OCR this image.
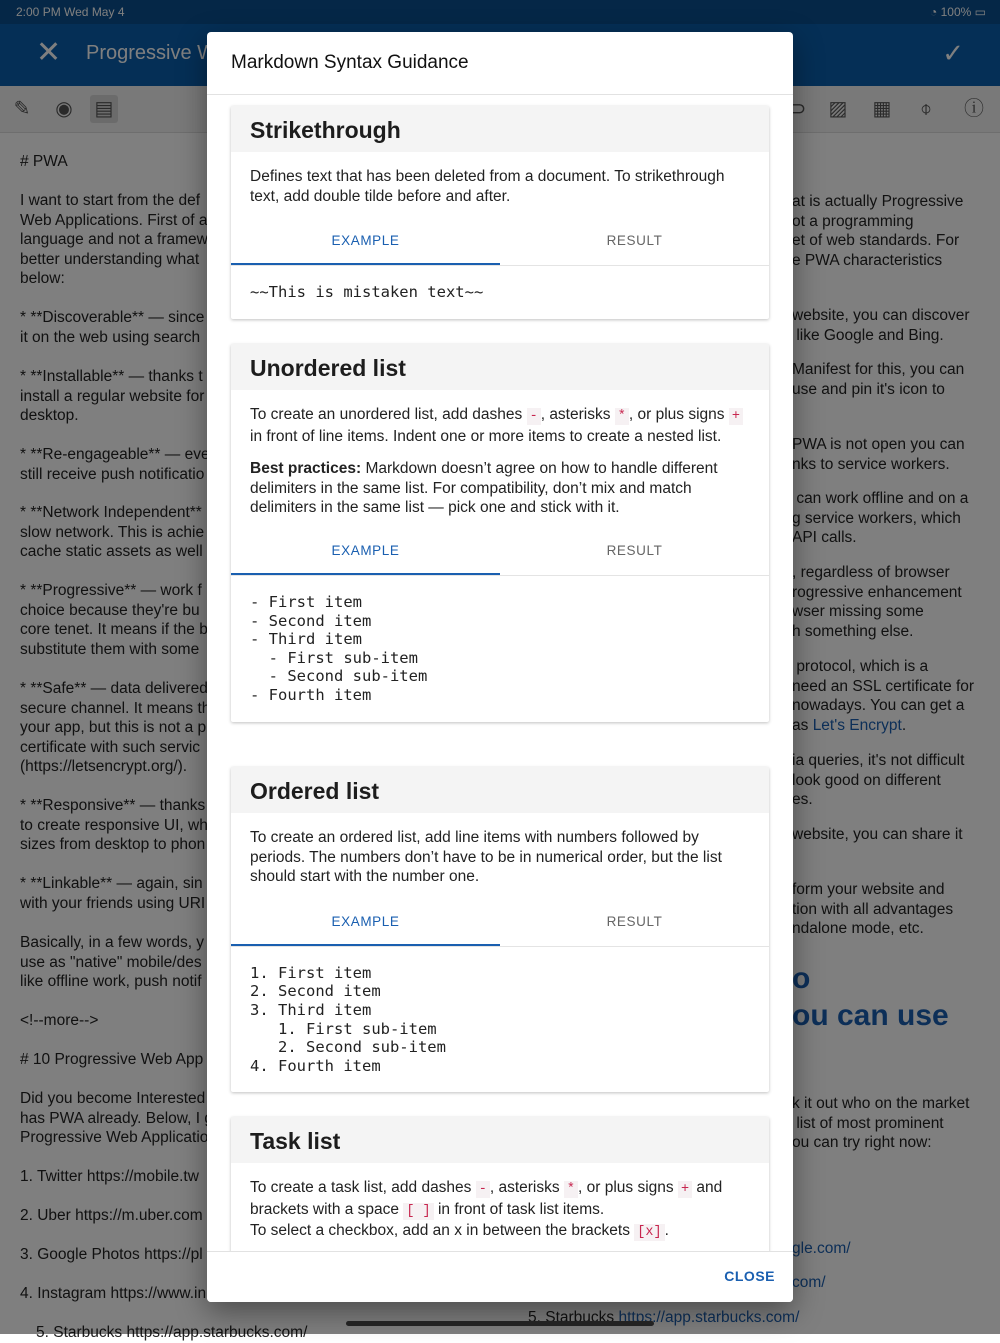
Markdown Syntax Guidance
Strikethrough

Defines text that has been deleted from a document. To strikethrough text, add double tilde before and after.

EXAMPLE	RESULT
~~This is mistaken text~~
Unordered list

To create an unordered list, add dashes - , asterisks * , or plus signs + in front of line items. Indent one or more items to create a nested list.

Best practices: Markdown doesn’t agree on how to handle different delimiters in the same list. For compatibility, don’t mix and match delimiters in the same list — pick one and stick with it.

EXAMPLE	RESULT
- First item
- Second item
- Third item
- First sub-item
- Second sub-item
- Fourth item
Ordered list

To create an ordered list, add line items with numbers followed by periods. The numbers don’t have to be in numerical order, but the list should start with the number one.

EXAMPLE	RESULT
1. First item
2. Second item
3. Third item
1. First sub-item
2. Second sub-item
4. Fourth item
Task list

To create a task list, add dashes - , asterisks * , or plus signs + and brackets with a space [ ] in front of task list items.
To select a checkbox, add an x in between the brackets [x] .

CLOSE
